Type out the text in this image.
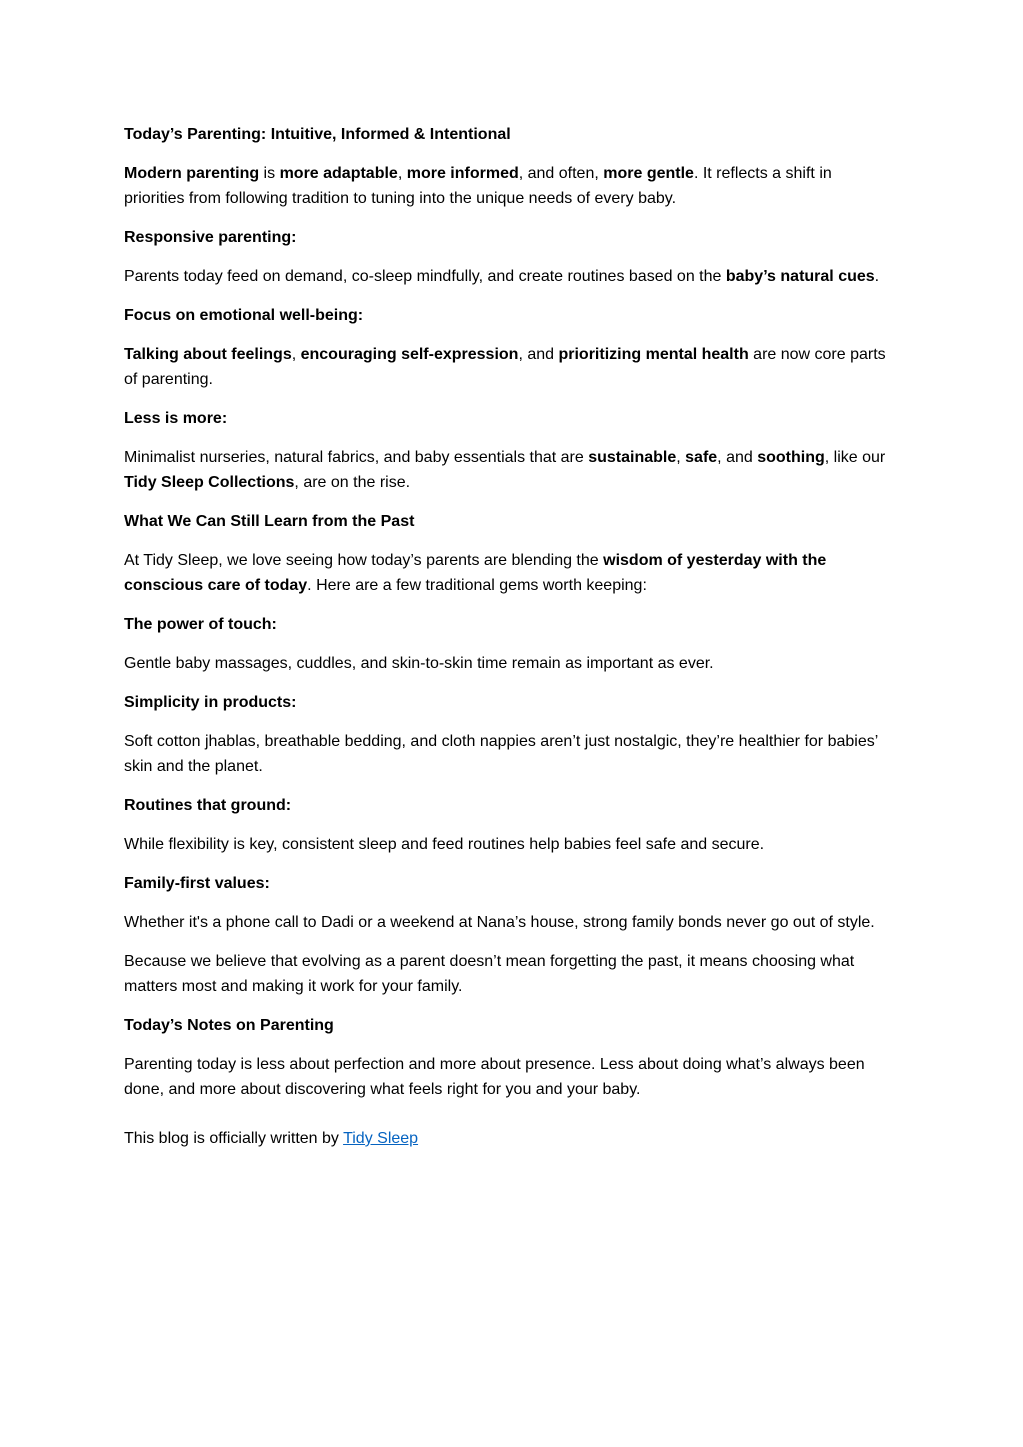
Today’s Parenting: Intuitive, Informed & Intentional

Modern parenting is more adaptable, more informed, and often, more gentle. It reflects a shift in priorities from following tradition to tuning into the unique needs of every baby.

Responsive parenting:

Parents today feed on demand, co-sleep mindfully, and create routines based on the baby’s natural cues.

Focus on emotional well-being:

Talking about feelings, encouraging self-expression, and prioritizing mental health are now core parts of parenting.

Less is more:

Minimalist nurseries, natural fabrics, and baby essentials that are sustainable, safe, and soothing, like our Tidy Sleep Collections, are on the rise.

What We Can Still Learn from the Past

At Tidy Sleep, we love seeing how today’s parents are blending the wisdom of yesterday with the conscious care of today. Here are a few traditional gems worth keeping:

The power of touch:

Gentle baby massages, cuddles, and skin-to-skin time remain as important as ever.

Simplicity in products:

Soft cotton jhablas, breathable bedding, and cloth nappies aren’t just nostalgic, they’re healthier for babies’ skin and the planet.

Routines that ground:

While flexibility is key, consistent sleep and feed routines help babies feel safe and secure.

Family-first values:

Whether it's a phone call to Dadi or a weekend at Nana’s house, strong family bonds never go out of style.

Because we believe that evolving as a parent doesn’t mean forgetting the past, it means choosing what matters most and making it work for your family.

Today’s Notes on Parenting

Parenting today is less about perfection and more about presence. Less about doing what’s always been done, and more about discovering what feels right for you and your baby.

This blog is officially written by Tidy Sleep
